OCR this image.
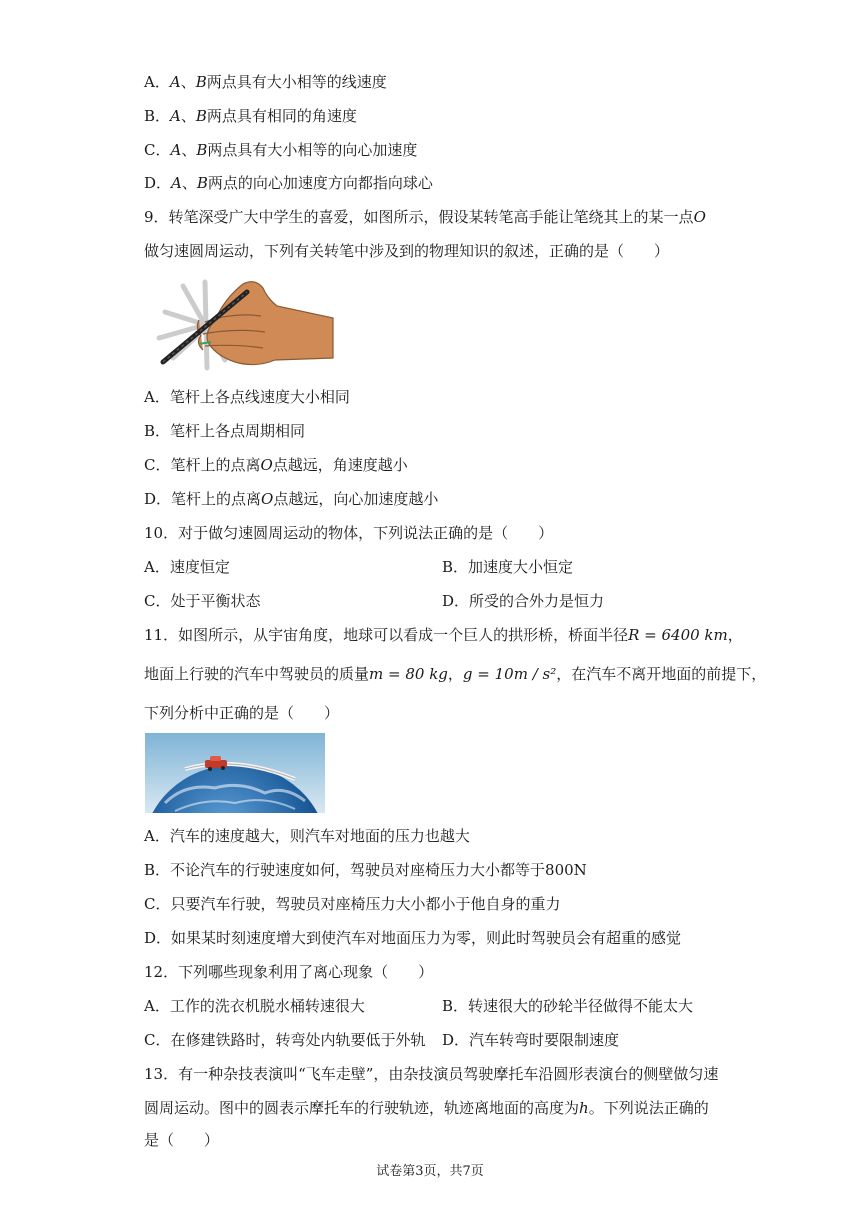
A．A、B两点具有大小相等的线速度
B．A、B两点具有相同的角速度
C．A、B两点具有大小相等的向心加速度
D．A、B两点的向心加速度方向都指向球心
9．转笔深受广大中学生的喜爱，如图所示，假设某转笔高手能让笔绕其上的某一点O
做匀速圆周运动，下列有关转笔中涉及到的物理知识的叙述，正确的是（　　）
A．笔杆上各点线速度大小相同
B．笔杆上各点周期相同
C．笔杆上的点离O点越远，角速度越小
D．笔杆上的点离O点越远，向心加速度越小
10．对于做匀速圆周运动的物体，下列说法正确的是（　　）
A．速度恒定	B．加速度大小恒定
C．处于平衡状态	D．所受的合外力是恒力
11．如图所示，从宇宙角度，地球可以看成一个巨人的拱形桥，桥面半径R = 6400 km，
地面上行驶的汽车中驾驶员的质量m = 80 kg，g = 10m / s²，在汽车不离开地面的前提下，
下列分析中正确的是（　　）
A．汽车的速度越大，则汽车对地面的压力也越大
B．不论汽车的行驶速度如何，驾驶员对座椅压力大小都等于800N
C．只要汽车行驶，驾驶员对座椅压力大小都小于他自身的重力
D．如果某时刻速度增大到使汽车对地面压力为零，则此时驾驶员会有超重的感觉
12．下列哪些现象利用了离心现象（　　）
A．工作的洗衣机脱水桶转速很大	B．转速很大的砂轮半径做得不能太大
C．在修建铁路时，转弯处内轨要低于外轨 D．汽车转弯时要限制速度
13．有一种杂技表演叫“飞车走壁”，由杂技演员驾驶摩托车沿圆形表演台的侧壁做匀速
圆周运动。图中的圆表示摩托车的行驶轨迹，轨迹离地面的高度为h。下列说法正确的
是（　　）
试卷第3页，共7页
